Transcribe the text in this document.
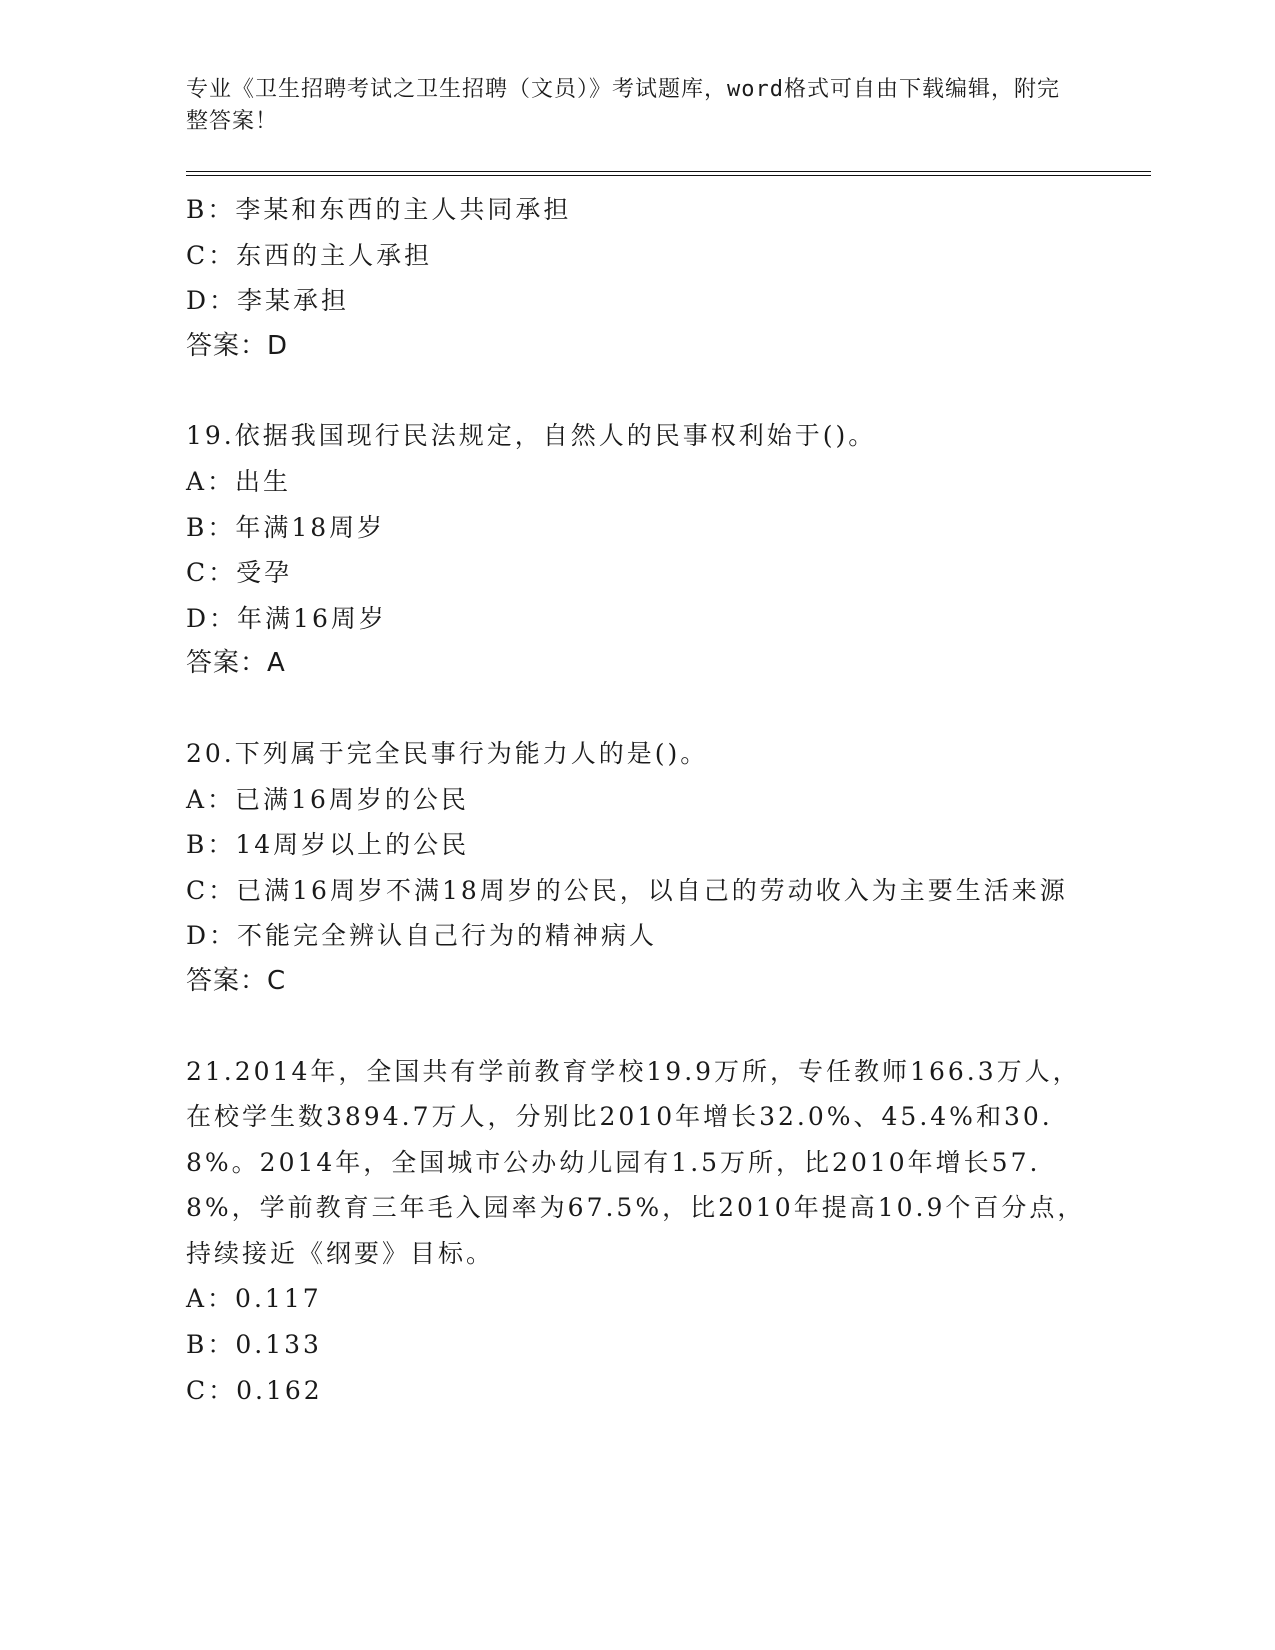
专业《卫生招聘考试之卫生招聘（文员）》考试题库，word格式可自由下载编辑，附完整答案！
B：李某和东西的主人共同承担
C：东西的主人承担
D：李某承担
答案：D
19.依据我国现行民法规定，自然人的民事权利始于()。
A：出生
B：年满18周岁
C：受孕
D：年满16周岁
答案：A
20.下列属于完全民事行为能力人的是()。
A：已满16周岁的公民
B：14周岁以上的公民
C：已满16周岁不满18周岁的公民，以自己的劳动收入为主要生活来源
D：不能完全辨认自己行为的精神病人
答案：C
21.2014年，全国共有学前教育学校19.9万所，专任教师166.3万人，在校学生数3894.7万人，分别比2010年增长32.0%、45.4%和30.8%。2014年，全国城市公办幼儿园有1.5万所，比2010年增长57.8%，学前教育三年毛入园率为67.5%，比2010年提高10.9个百分点，持续接近《纲要》目标。
A：0.117
B：0.133
C：0.162
